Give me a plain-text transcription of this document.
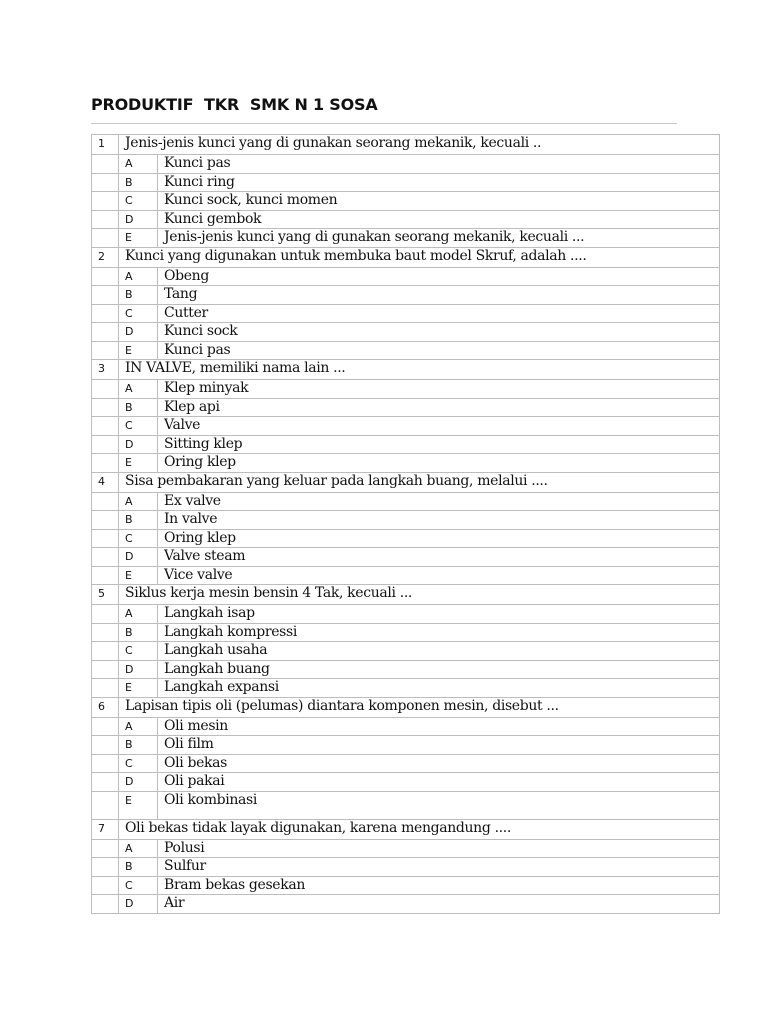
PRODUKTIF  TKR  SMK N 1 SOSA
1	Jenis-jenis kunci yang di gunakan seorang mekanik, kecuali ..	
	A	Kunci pas
	B	Kunci ring
	C	Kunci sock, kunci momen
	D	Kunci gembok
	E	Jenis-jenis kunci yang di gunakan seorang mekanik, kecuali ...
2	Kunci yang digunakan untuk membuka baut model Skruf, adalah ....	
	A	Obeng
	B	Tang
	C	Cutter
	D	Kunci sock
	E	Kunci pas
3	IN VALVE, memiliki nama lain ...	
	A	Klep minyak
	B	Klep api
	C	Valve
	D	Sitting klep
	E	Oring klep
4	Sisa pembakaran yang keluar pada langkah buang, melalui ....	
	A	Ex valve
	B	In valve
	C	Oring klep
	D	Valve steam
	E	Vice valve
5	Siklus kerja mesin bensin 4 Tak, kecuali ...	
	A	Langkah isap
	B	Langkah kompressi
	C	Langkah usaha
	D	Langkah buang
	E	Langkah expansi
6	Lapisan tipis oli (pelumas) diantara komponen mesin, disebut ...	
	A	Oli mesin
	B	Oli film
	C	Oli bekas
	D	Oli pakai
	E	Oli kombinasi
7	Oli bekas tidak layak digunakan, karena mengandung ....	
	A	Polusi
	B	Sulfur
	C	Bram bekas gesekan
	D	Air
